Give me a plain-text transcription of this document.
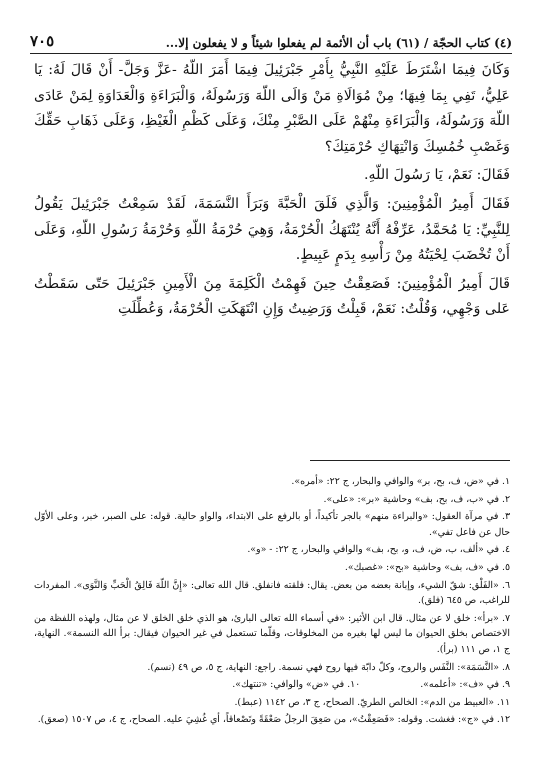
(٤) كتاب الحجّة / (٦١) باب أن الأئمة لم يفعلوا شيئاً و لا يفعلون إلا...
٧٠٥

وَكَانَ فِيمَا اشْتَرَطَ عَلَيْهِ النَّبِيُّ بِأَمْرِ جَبْرَئِيلَ فِيمَا أَمَرَ اللّهُ -عَزَّ وَجَلَّ- أَنْ قَالَ لَهُ: يَا عَلِيُّ، تَفِي بِمَا فِيهَا؛ مِنْ مُوَالَاةِ مَنْ وَالَى اللّهَ وَرَسُولَهُ، وَالْبَرَاءَةِ وَالْعَدَاوَةِ لِمَنْ عَادَى اللّهَ وَرَسُولَهُ، وَالْبَرَاءَةِ مِنْهُمْ عَلَى الصَّبْرِ مِنْكَ، وَعَلَى كَظْمِ الْغَيْظِ، وَعَلَى ذَهَابِ حَقِّكَ وَغَصْبِ خُمُسِكَ وَانْتِهَاكِ حُرْمَتِكَ؟

فَقَالَ: نَعَمْ، يَا رَسُولَ اللّهِ.

فَقَالَ أَمِيرُ الْمُؤْمِنِينَ: وَالَّذِي فَلَقَ الْحَبَّةَ وَبَرَأَ النَّسَمَةَ، لَقَدْ سَمِعْتُ جَبْرَئِيلَ يَقُولُ لِلنَّبِيِّ: يَا مُحَمَّدُ، عَرِّفْهُ أَنَّهُ يُنْتَهَكُ الْحُرْمَةُ، وَهِيَ حُرْمَةُ اللّهِ وَحُرْمَةُ رَسُولِ اللّهِ، وَعَلَى أَنْ تُخْضَبَ لِحْيَتُهُ مِنْ رَأْسِهِ بِدَمٍ عَبِيطٍ.

قَالَ أَمِيرُ الْمُؤْمِنِينَ: فَصَعِقْتُ حِينَ فَهِمْتُ الْكَلِمَةَ مِنَ الْأَمِينِ جَبْرَئِيلَ حَتّى سَقَطْتُ عَلى وَجْهِي، وَقُلْتُ: نَعَمْ، قَبِلْتُ وَرَضِيتُ وَإِنِ انْتَهَكَتِ الْحُرْمَةُ، وَعُطِّلَتِ

١. في «ض، ف، بح، بر» والوافي والبحار، ج ٢٢: «أمره».

٢. في «ب، ف، بح، بف» وحاشية «بر»: «على».

٣. في مرآة العقول: «والبراءة منهم» بالجر تأكيداً، أو بالرفع على الابتداء، والواو حالية. قوله: على الصبر، خبر، وعلى الأوّل حال عن فاعل تفي».

٤. في «ألف، ب، ض، ف، و، بح، بف» والوافي والبحار، ج ٢٢: - «و».

٥. في «ف، بف» وحاشية «بح»: «غصبك».

٦. «الفَلْق: شقّ الشيء، وإبانة بعضه من بعض. يقال: فلقته فانفلق. قال الله تعالى: «إِنَّ اللّهَ فَالِقُ الْحَبِّ وَالنَّوَى». المفردات للراغب، ص ٦٤٥ (فلق).

٧. «برأ»: خلق لا عن مثال. قال ابن الأثير: «في أسماء الله تعالى البارئ، هو الذي خلق الخلق لا عن مثال، ولهذه اللفظة من الاختصاص بخلق الحيوان ما ليس لها بغيره من المخلوقات، وقلّما تستعمل في غير الحيوان فيقال: برأ الله النسمة». النهاية، ج ١، ص ١١١ (برأ).

٨. «النَّسَمَة»: النَّفَس والروح، وكلّ دابّة فيها روح فهي نسمة. راجع: النهاية، ج ٥، ص ٤٩ (نسم).

٩. في «ف»: «أعلمه».

١٠. في «ض» والوافي: «تنتهك».

١١. «العبيط من الدم»: الخالص الطريّ. الصحاح، ج ٣، ص ١١٤٢ (عبط).

١٢. في «ج»: فغشت. وقوله: «فَصَعِقْتُ»، من صَعِقَ الرجلُ صَعْقَةً وتَصْعاقاً، أي غُشِيَ عليه. الصحاح، ج ٤، ص ١٥٠٧ (صعق).
